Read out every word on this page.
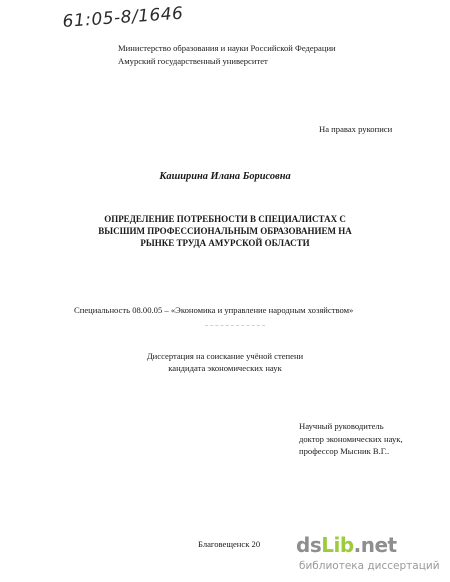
61:05-8/1646
Министерство образования и науки Российской Федерации
Амурский государственный университет
На правах рукописи
Каширина Илана Борисовна
ОПРЕДЕЛЕНИЕ ПОТРЕБНОСТИ В СПЕЦИАЛИСТАХ С
ВЫСШИМ ПРОФЕССИОНАЛЬНЫМ ОБРАЗОВАНИЕМ НА
РЫНКЕ ТРУДА АМУРСКОЙ ОБЛАСТИ
Специальность 08.00.05 – «Экономика и управление народным хозяйством»
Диссертация на соискание учёной степени
кандидата экономических наук
Научный руководитель
доктор экономических наук,
профессор Мысник В.Г..
Благовещенск 20 dsLib.net
библиотека диссертаций
